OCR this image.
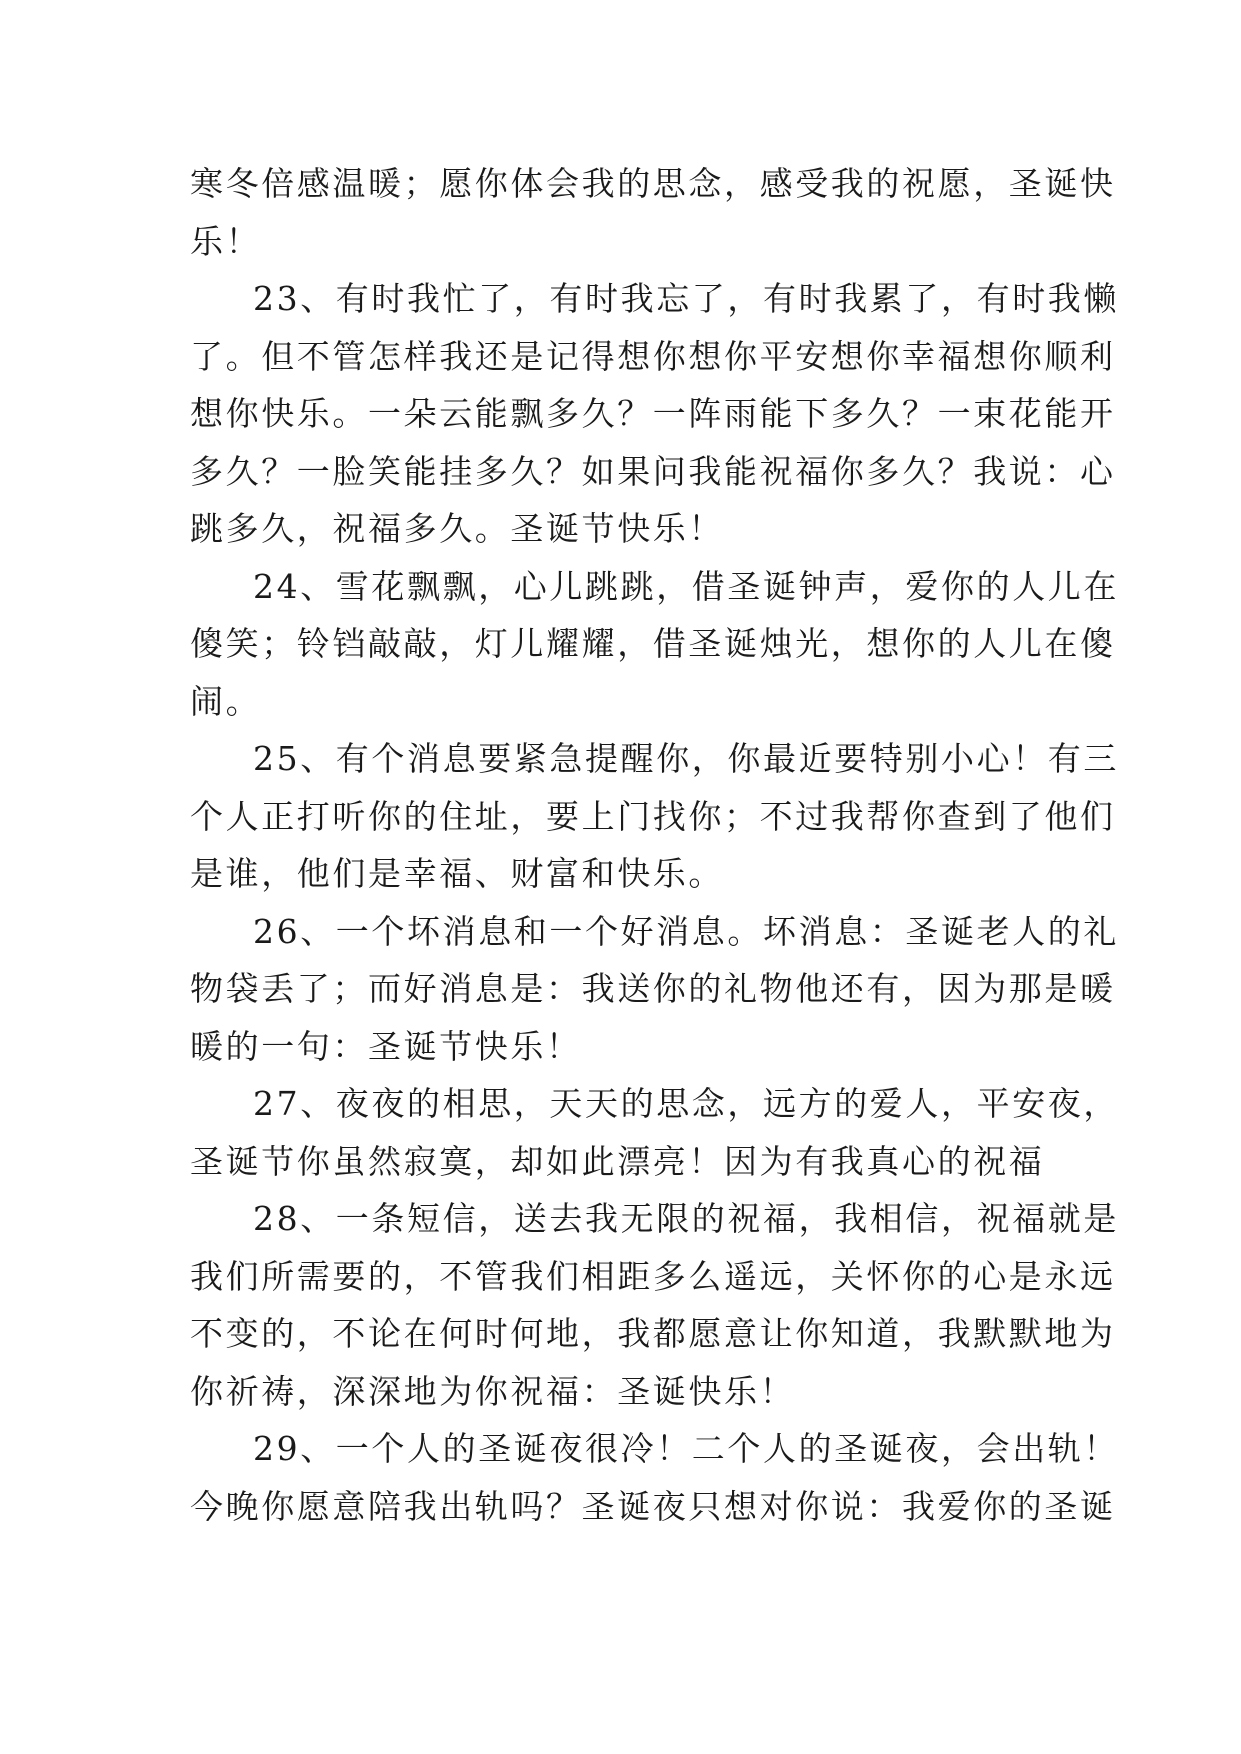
寒冬倍感温暖；愿你体会我的思念，感受我的祝愿，圣诞快
乐！
23、有时我忙了，有时我忘了，有时我累了，有时我懒
了。但不管怎样我还是记得想你想你平安想你幸福想你顺利
想你快乐。一朵云能飘多久？一阵雨能下多久？一束花能开
多久？一脸笑能挂多久？如果问我能祝福你多久？我说：心
跳多久，祝福多久。圣诞节快乐！
24、雪花飘飘，心儿跳跳，借圣诞钟声，爱你的人儿在
傻笑；铃铛敲敲，灯儿耀耀，借圣诞烛光，想你的人儿在傻
闹。
25、有个消息要紧急提醒你，你最近要特别小心！有三
个人正打听你的住址，要上门找你；不过我帮你查到了他们
是谁，他们是幸福、财富和快乐。
26、一个坏消息和一个好消息。坏消息：圣诞老人的礼
物袋丢了；而好消息是：我送你的礼物他还有，因为那是暖
暖的一句：圣诞节快乐！
27、夜夜的相思，天天的思念，远方的爱人，平安夜，
圣诞节你虽然寂寞，却如此漂亮！因为有我真心的祝福
28、一条短信，送去我无限的祝福，我相信，祝福就是
我们所需要的，不管我们相距多么遥远，关怀你的心是永远
不变的，不论在何时何地，我都愿意让你知道，我默默地为
你祈祷，深深地为你祝福：圣诞快乐！
29、一个人的圣诞夜很冷！二个人的圣诞夜，会出轨！
今晚你愿意陪我出轨吗？圣诞夜只想对你说：我爱你的圣诞
